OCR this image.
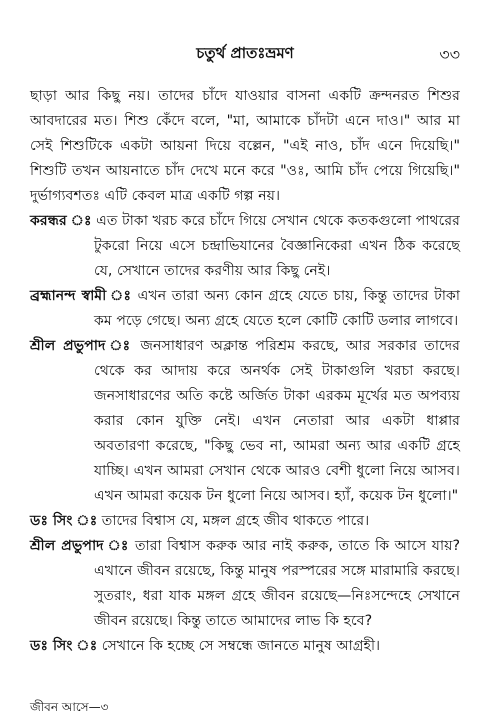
চতুর্থ প্রাতঃভ্রমণ	৩৩

ছাড়া আর কিছু নয়। তাদের চাঁদে যাওয়ার বাসনা একটি ক্রন্দনরত শিশুর আবদারের মত। শিশু কেঁদে বলে, "মা, আমাকে চাঁদটা এনে দাও।" আর মা সেই শিশুটিকে একটা আয়না দিয়ে বল্লেন, "এই নাও, চাঁদ এনে দিয়েছি।" শিশুটি তখন আয়নাতে চাঁদ দেখে মনে করে "ওঃ, আমি চাঁদ পেয়ে গিয়েছি।" দুর্ভাগ্যবশতঃ এটি কেবল মাত্র একটি গল্প নয়।

করন্ধর ঃ এত টাকা খরচ করে চাঁদে গিয়ে সেখান থেকে কতকগুলো পাথরের টুকরো নিয়ে এসে চন্দ্রাভিযানের বৈজ্ঞানিকেরা এখন ঠিক করেছে যে, সেখানে তাদের করণীয় আর কিছু নেই।

ব্রহ্মানন্দ স্বামী ঃ এখন তারা অন্য কোন গ্রহে যেতে চায়, কিন্তু তাদের টাকা কম পড়ে গেছে। অন্য গ্রহে যেতে হলে কোটি কোটি ডলার লাগবে।

শ্রীল প্রভুপাদ ঃ জনসাধারণ অক্লান্ত পরিশ্রম করছে, আর সরকার তাদের থেকে কর আদায় করে অনর্থক সেই টাকাগুলি খরচা করছে। জনসাধারণের অতি কষ্টে অর্জিত টাকা এরকম মূর্খের মত অপব্যয় করার কোন যুক্তি নেই। এখন নেতারা আর একটা ধাপ্পার অবতারণা করেছে, "কিছু ভেব না, আমরা অন্য আর একটি গ্রহে যাচ্ছি। এখন আমরা সেখান থেকে আরও বেশী ধুলো নিয়ে আসব। এখন আমরা কয়েক টন ধুলো নিয়ে আসব। হ্যাঁ, কয়েক টন ধুলো।"

ডঃ সিং ঃ তাদের বিশ্বাস যে, মঙ্গল গ্রহে জীব থাকতে পারে।

শ্রীল প্রভুপাদ ঃ তারা বিশ্বাস করুক আর নাই করুক, তাতে কি আসে যায়? এখানে জীবন রয়েছে, কিন্তু মানুষ পরস্পরের সঙ্গে মারামারি করছে। সুতরাং, ধরা যাক মঙ্গল গ্রহে জীবন রয়েছে—নিঃসন্দেহে সেখানে জীবন রয়েছে। কিন্তু তাতে আমাদের লাভ কি হবে?

ডঃ সিং ঃ সেখানে কি হচ্ছে সে সম্বন্ধে জানতে মানুষ আগ্রহী।

জীবন আসে—৩
